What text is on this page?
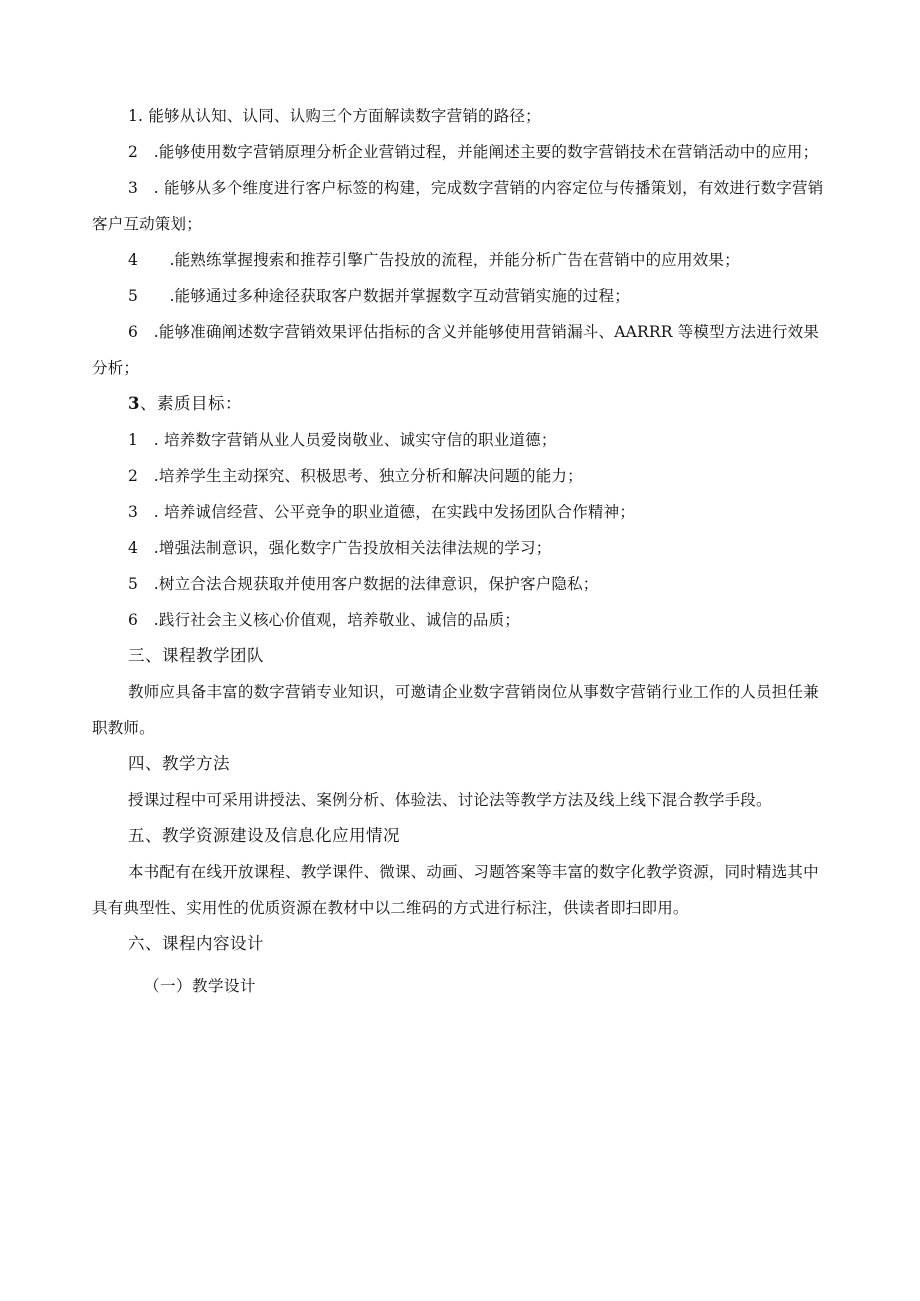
1. 能够从认知、认同、认购三个方面解读数字营销的路径；

2　.能够使用数字营销原理分析企业营销过程，并能阐述主要的数字营销技术在营销活动中的应用；

3　. 能够从多个维度进行客户标签的构建，完成数字营销的内容定位与传播策划，有效进行数字营销客户互动策划；

4　　.能熟练掌握搜索和推荐引擎广告投放的流程，并能分析广告在营销中的应用效果；

5　　.能够通过多种途径获取客户数据并掌握数字互动营销实施的过程；

6　.能够准确阐述数字营销效果评估指标的含义并能够使用营销漏斗、AARRR 等模型方法进行效果分析；

3、素质目标：

1　. 培养数字营销从业人员爱岗敬业、诚实守信的职业道德；

2　.培养学生主动探究、积极思考、独立分析和解决问题的能力；

3　. 培养诚信经营、公平竞争的职业道德，在实践中发扬团队合作精神；

4　.增强法制意识，强化数字广告投放相关法律法规的学习；

5　.树立合法合规获取并使用客户数据的法律意识，保护客户隐私；

6　.践行社会主义核心价值观，培养敬业、诚信的品质；

三、课程教学团队

教师应具备丰富的数字营销专业知识，可邀请企业数字营销岗位从事数字营销行业工作的人员担任兼职教师。

四、教学方法

授课过程中可采用讲授法、案例分析、体验法、讨论法等教学方法及线上线下混合教学手段。

五、教学资源建设及信息化应用情况

本书配有在线开放课程、教学课件、微课、动画、习题答案等丰富的数字化教学资源，同时精选其中具有典型性、实用性的优质资源在教材中以二维码的方式进行标注，供读者即扫即用。

六、课程内容设计

（一）教学设计
